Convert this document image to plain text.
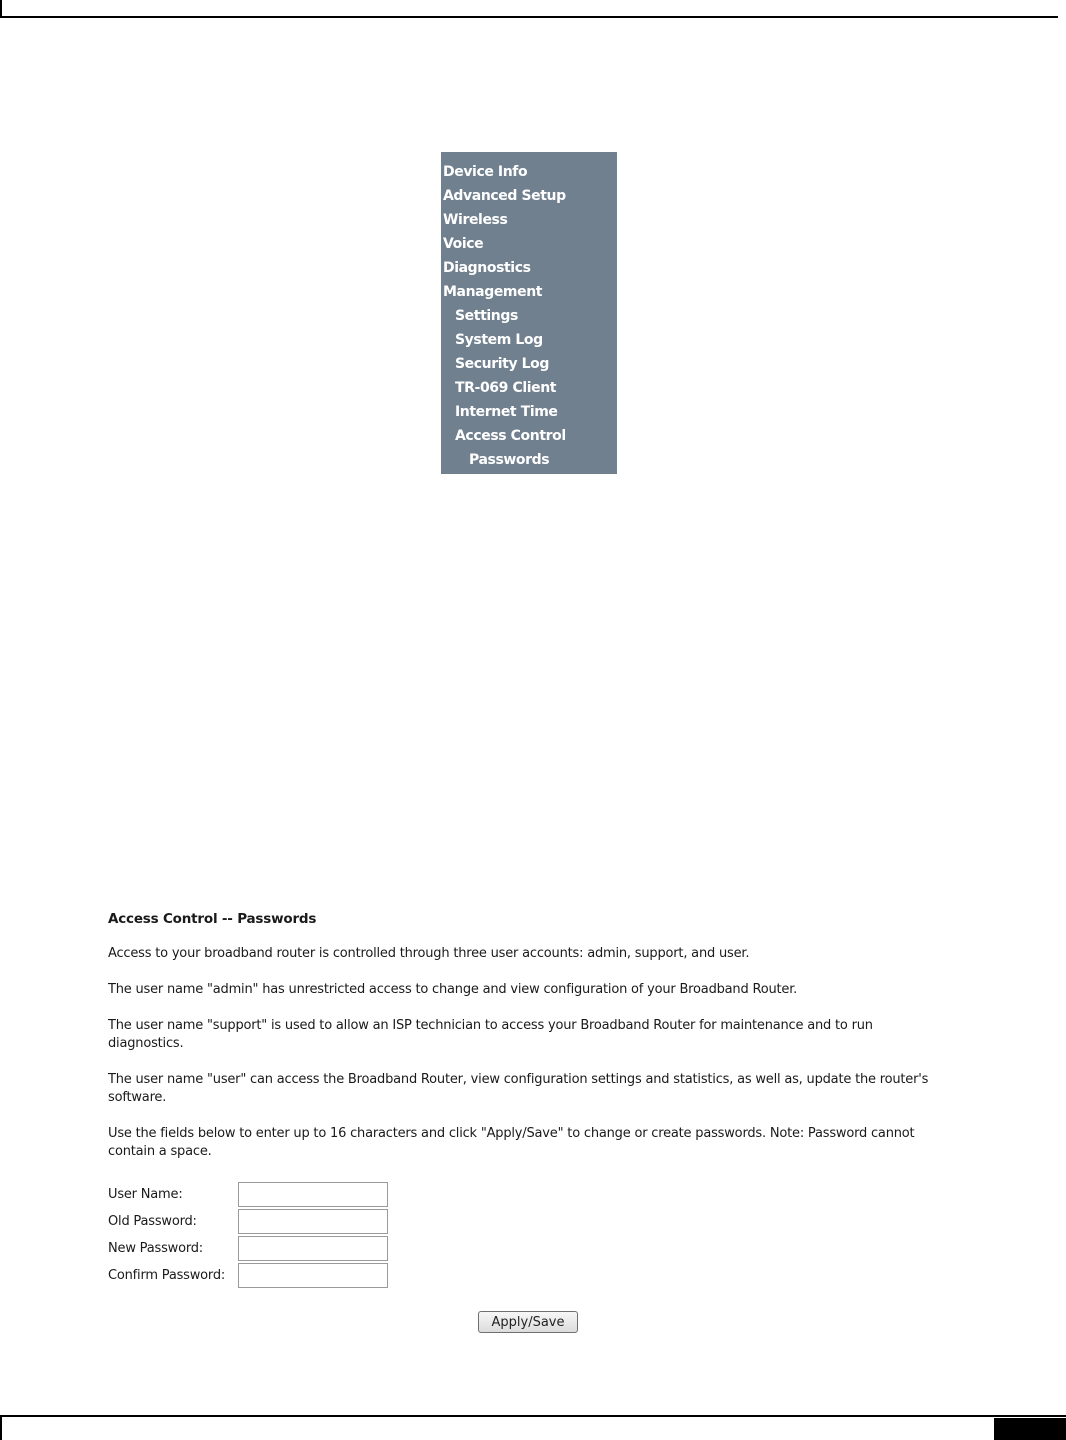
Device Info
Advanced Setup
Wireless
Voice
Diagnostics
Management
Settings
System Log
Security Log
TR-069 Client
Internet Time
Access Control
Passwords
Access Control -- Passwords

Access to your broadband router is controlled through three user accounts: admin, support, and user.

The user name "admin" has unrestricted access to change and view configuration of your Broadband Router.

The user name "support" is used to allow an ISP technician to access your Broadband Router for maintenance and to run diagnostics.

The user name "user" can access the Broadband Router, view configuration settings and statistics, as well as, update the router's software.

Use the fields below to enter up to 16 characters and click "Apply/Save" to change or create passwords. Note: Password cannot contain a space.

User Name:
Old Password:
New Password:
Confirm Password:
Apply/Save
